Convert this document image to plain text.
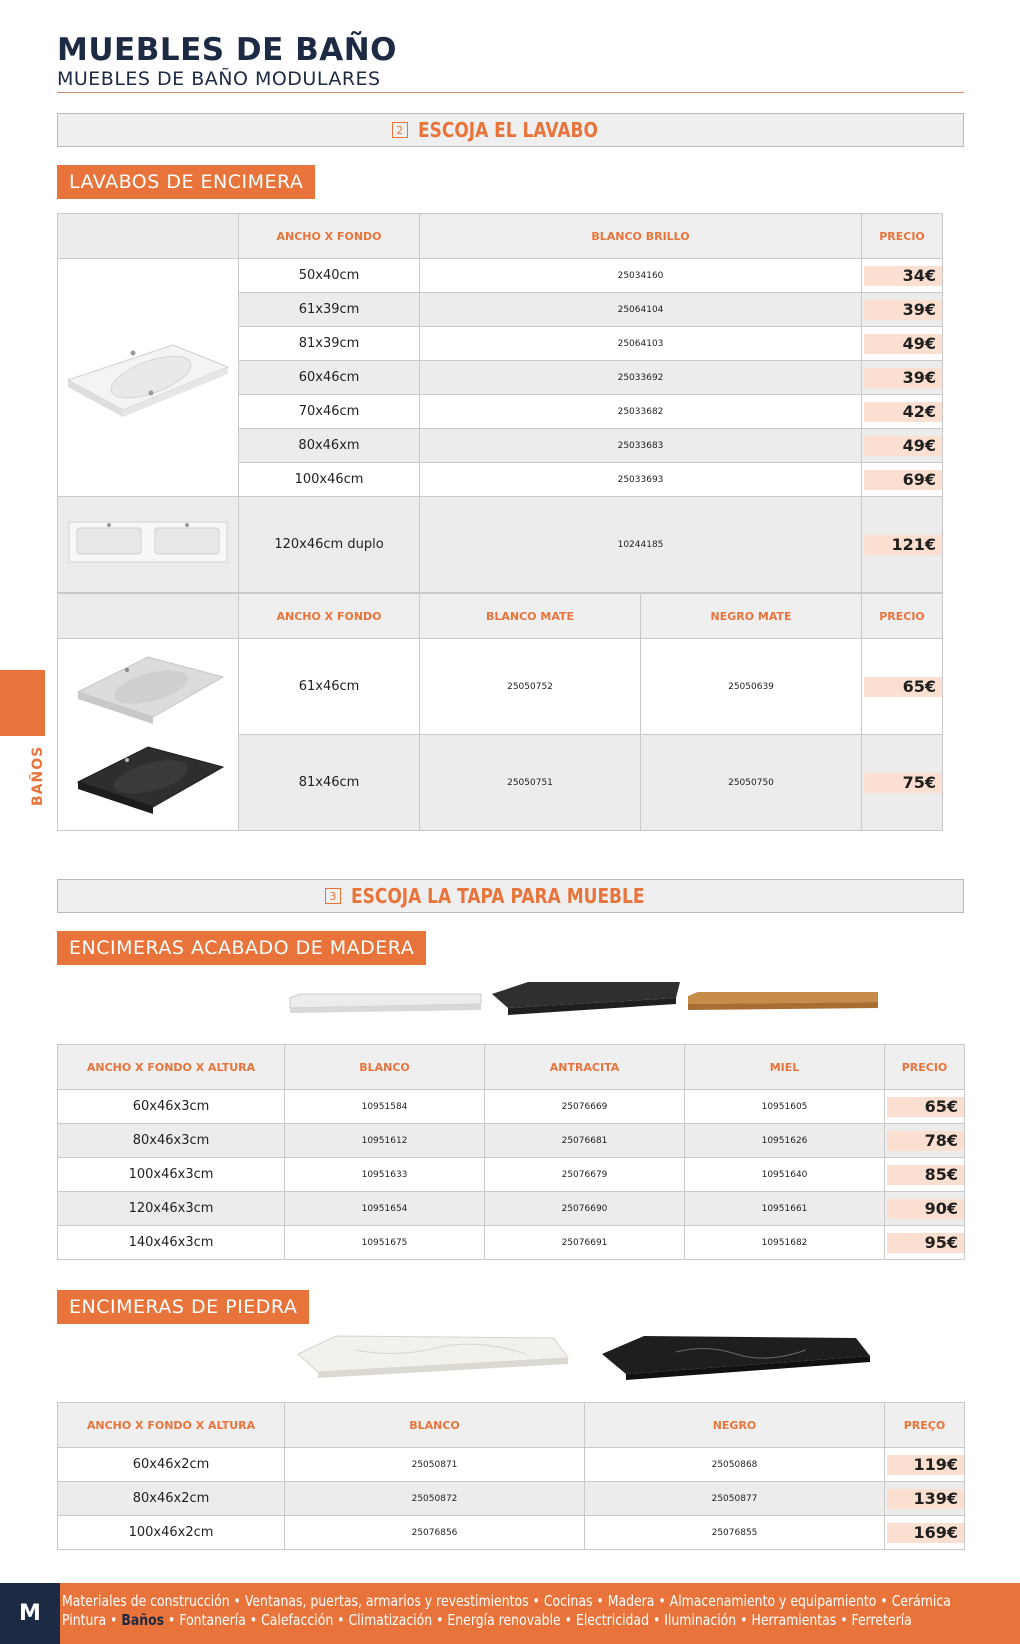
MUEBLES DE BAÑO
MUEBLES DE BAÑO MODULARES
2 ESCOJA EL LAVABO
LAVABOS DE ENCIMERA
	ANCHO X FONDO	BLANCO BRILLO	PRECIO
	50x40cm	25034160	34€

	61x39cm	25064104	39€

	81x39cm	25064103	49€

	60x46cm	25033692	39€

	70x46cm	25033682	42€

	80x46xm	25033683	49€

	100x46cm	25033693	69€

	120x46cm duplo	10244185	121€
	ANCHO X FONDO	BLANCO MATE	NEGRO MATE	PRECIO
	61x46cm	25050752	25050639	65€

	81x46cm	25050751	25050750	75€
3 ESCOJA LA TAPA PARA MUEBLE
ENCIMERAS ACABADO DE MADERA
ANCHO X FONDO X ALTURA	BLANCO	ANTRACITA	MIEL	PRECIO
60x46x3cm	10951584	25076669	10951605	65€

80x46x3cm	10951612	25076681	10951626	78€

100x46x3cm	10951633	25076679	10951640	85€

120x46x3cm	10951654	25076690	10951661	90€

140x46x3cm	10951675	25076691	10951682	95€
ENCIMERAS DE PIEDRA
ANCHO X FONDO X ALTURA	BLANCO	NEGRO	PREÇO
60x46x2cm	25050871	25050868	119€

80x46x2cm	25050872	25050877	139€

100x46x2cm	25076856	25076855	169€
BAÑOS
M	Materiales de construcción • Ventanas, puertas, armarios y revestimientos • Cocinas • Madera • Almacenamiento y equipamiento • Cerámica
Pintura • Baños • Fontanería • Calefacción • Climatización • Energía renovable • Electricidad • Iluminación • Herramientas • Ferretería
